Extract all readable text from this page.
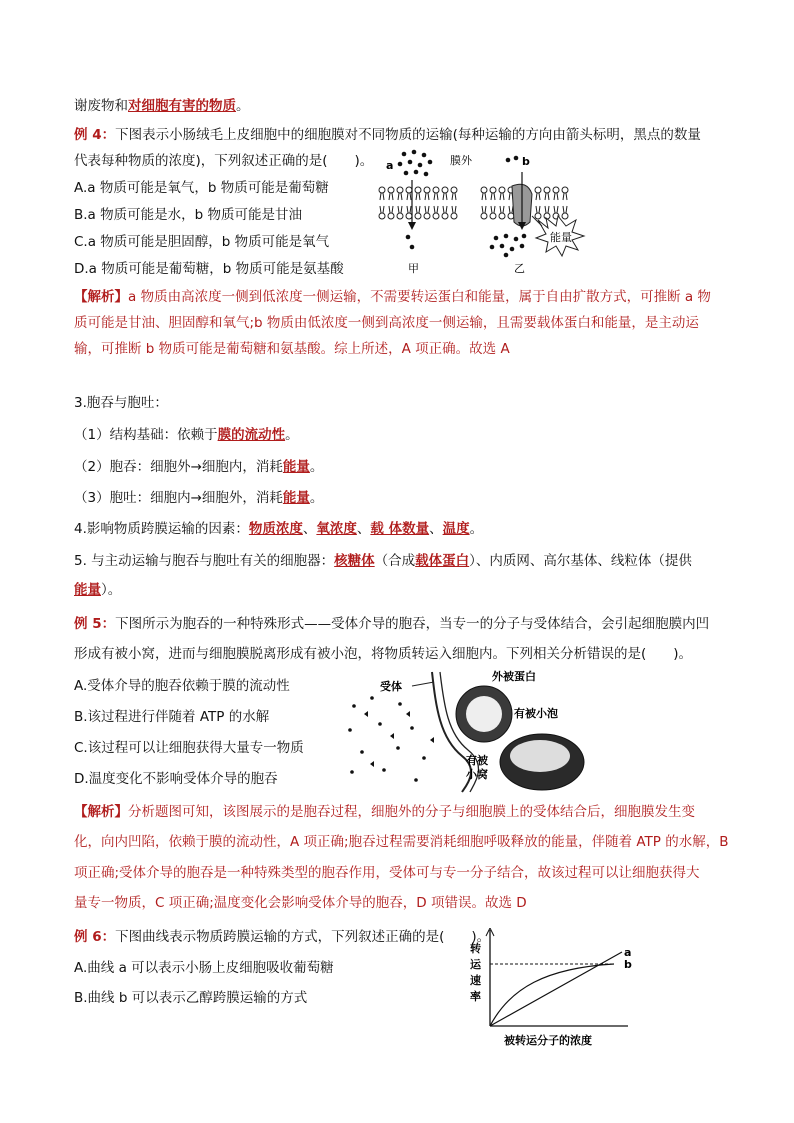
谢废物和对细胞有害的物质。
例 4：下图表示小肠绒毛上皮细胞中的细胞膜对不同物质的运输(每种运输的方向由箭头标明，黑点的数量
代表每种物质的浓度)，下列叙述正确的是(　　)。
A.a 物质可能是氧气，b 物质可能是葡萄糖
B.a 物质可能是水，b 物质可能是甘油
C.a 物质可能是胆固醇，b 物质可能是氧气
D.a 物质可能是葡萄糖，b 物质可能是氨基酸
a	膜外	b
能量
甲	乙
【解析】a 物质由高浓度一侧到低浓度一侧运输，不需要转运蛋白和能量，属于自由扩散方式，可推断 a 物
质可能是甘油、胆固醇和氧气;b 物质由低浓度一侧到高浓度一侧运输，且需要载体蛋白和能量，是主动运
输，可推断 b 物质可能是葡萄糖和氨基酸。综上所述，A 项正确。故选 A
3.胞吞与胞吐：
（1）结构基础：依赖于膜的流动性。
（2）胞吞：细胞外→细胞内，消耗能量。
（3）胞吐：细胞内→细胞外，消耗能量。
4.影响物质跨膜运输的因素：物质浓度、氧浓度、载 体数量、温度。
5. 与主动运输与胞吞与胞吐有关的细胞器：核糖体（合成载体蛋白）、内质网、高尔基体、线粒体（提供
能量）。
例 5：下图所示为胞吞的一种特殊形式——受体介导的胞吞，当专一的分子与受体结合，会引起细胞膜内凹
形成有被小窝，进而与细胞膜脱离形成有被小泡，将物质转运入细胞内。下列相关分析错误的是(　　)。
A.受体介导的胞吞依赖于膜的流动性
B.该过程进行伴随着 ATP 的水解
C.该过程可以让细胞获得大量专一物质
D.温度变化不影响受体介导的胞吞
受体
外被蛋白
有被小泡
有被
小窝
【解析】分析题图可知，该图展示的是胞吞过程，细胞外的分子与细胞膜上的受体结合后，细胞膜发生变
化，向内凹陷，依赖于膜的流动性，A 项正确;胞吞过程需要消耗细胞呼吸释放的能量，伴随着 ATP 的水解，B
项正确;受体介导的胞吞是一种特殊类型的胞吞作用，受体可与专一分子结合，故该过程可以让细胞获得大
量专一物质，C 项正确;温度变化会影响受体介导的胞吞，D 项错误。故选 D
例 6：下图曲线表示物质跨膜运输的方式，下列叙述正确的是(　　)。
A.曲线 a 可以表示小肠上皮细胞吸收葡萄糖
B.曲线 b 可以表示乙醇跨膜运输的方式
转
运
速
率
a
b
被转运分子的浓度
